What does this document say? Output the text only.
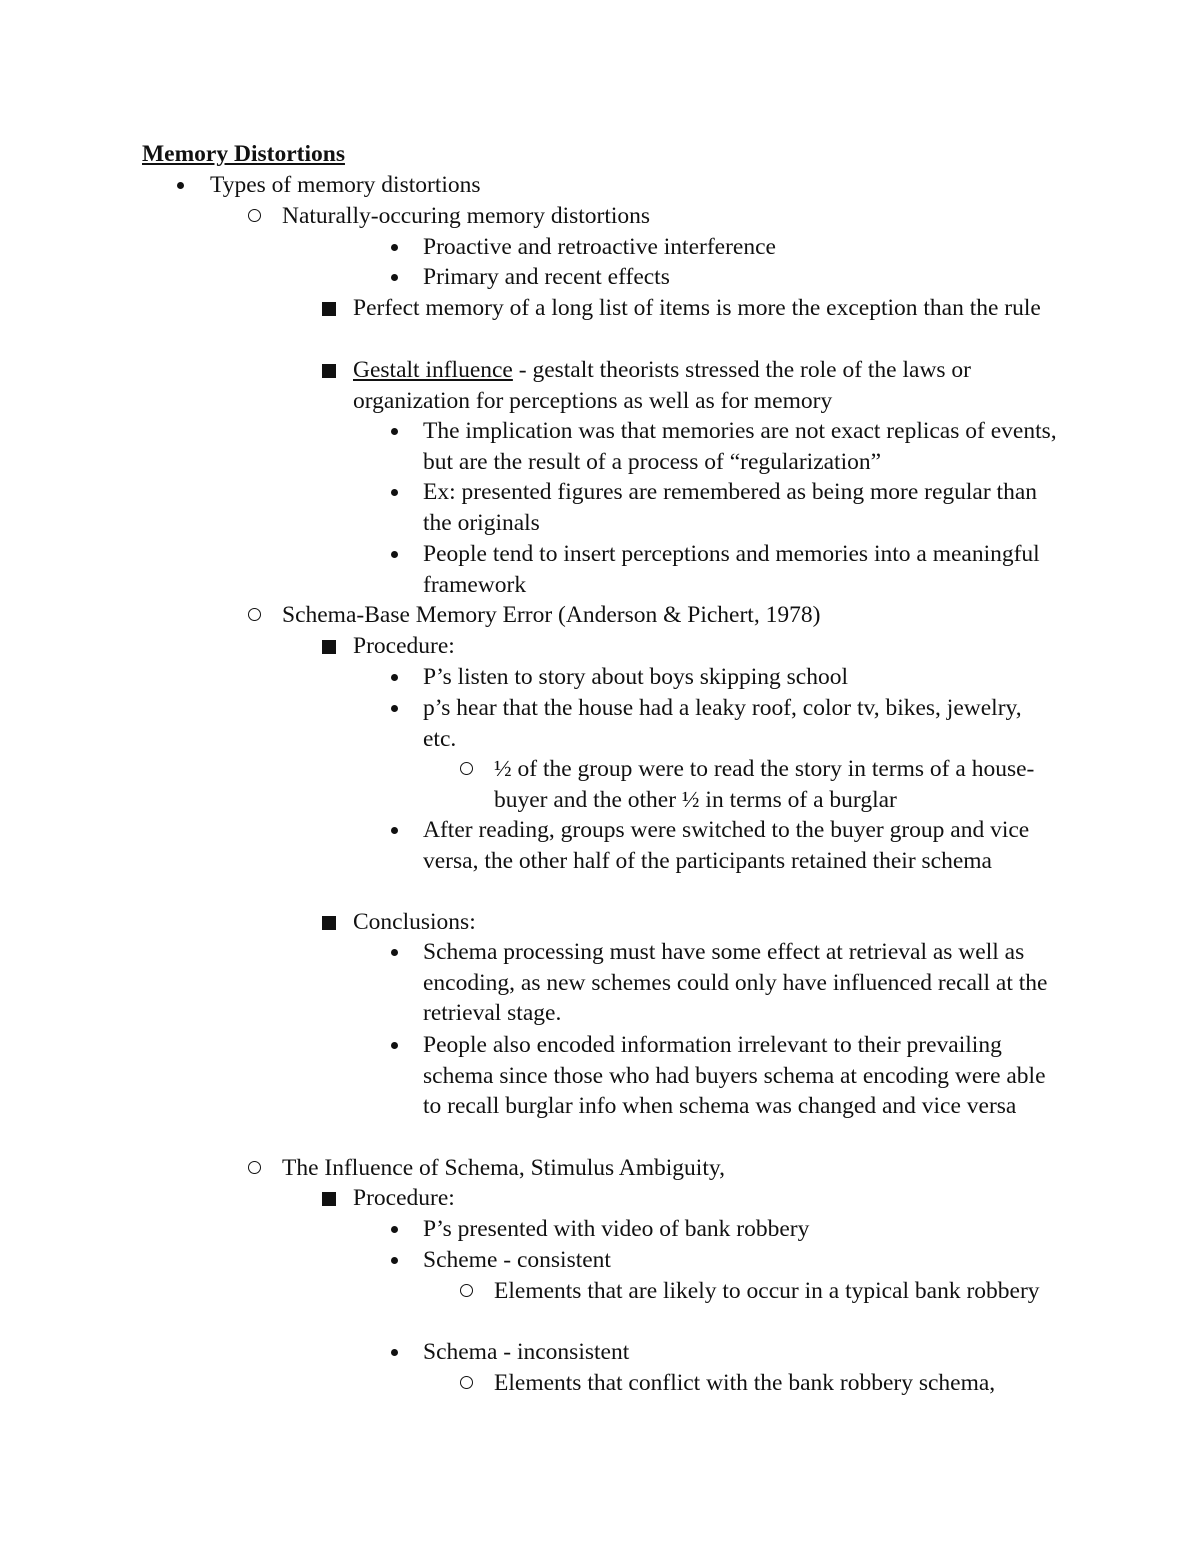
Memory Distortions
Types of memory distortions
Naturally-occuring memory distortions
Proactive and retroactive interference
Primary and recent effects
Perfect memory of a long list of items is more the exception than the rule
Gestalt influence - gestalt theorists stressed the role of the laws or organization for perceptions as well as for memory
The implication was that memories are not exact replicas of events, but are the result of a process of “regularization”
Ex: presented figures are remembered as being more regular than the originals
People tend to insert perceptions and memories into a meaningful framework
Schema-Base Memory Error (Anderson & Pichert, 1978)
Procedure:
P’s listen to story about boys skipping school
p’s hear that the house had a leaky roof, color tv, bikes, jewelry, etc.
½ of the group were to read the story in terms of a house-buyer and the other ½ in terms of a burglar
After reading, groups were switched to the buyer group and vice versa, the other half of the participants retained their schema
Conclusions:
Schema processing must have some effect at retrieval as well as encoding, as new schemes could only have influenced recall at the retrieval stage.
People also encoded information irrelevant to their prevailing schema since those who had buyers schema at encoding were able to recall burglar info when schema was changed and vice versa
The Influence of Schema, Stimulus Ambiguity,
Procedure:
P’s presented with video of bank robbery
Scheme - consistent
Elements that are likely to occur in a typical bank robbery
Schema - inconsistent
Elements that conflict with the bank robbery schema,
